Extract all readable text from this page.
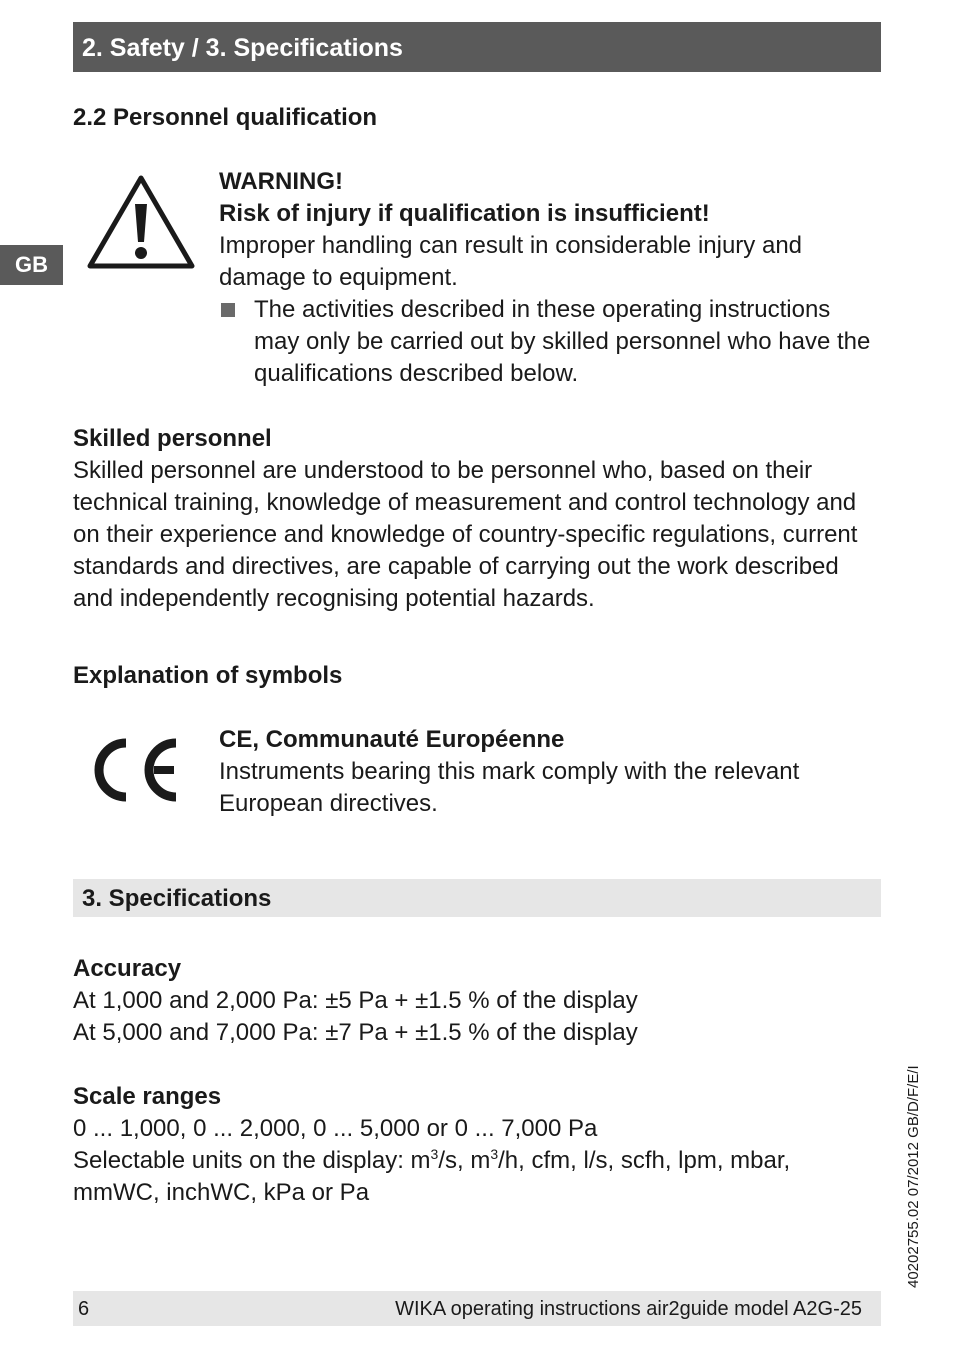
2. Safety / 3. Specifications
GB
2.2 Personnel qualification

WARNING!

Risk of injury if qualification is insufficient!

Improper handling can result in considerable injury and damage to equipment.

The activities described in these operating instructions may only be carried out by skilled personnel who have the qualifications described below.

Skilled personnel

Skilled personnel are understood to be personnel who, based on their technical training, knowledge of measurement and control technology and on their experience and knowledge of country-specific regulations, current standards and directives, are capable of carrying out the work described and independently recognising potential hazards.

Explanation of symbols

CE, Communauté Européenne

Instruments bearing this mark comply with the relevant European directives.

3. Specifications

Accuracy

At 1,000 and 2,000 Pa: ±5 Pa + ±1.5 % of the display

At 5,000 and 7,000 Pa: ±7 Pa + ±1.5 % of the display

Scale ranges

0 ... 1,000, 0 ... 2,000, 0 ... 5,000 or 0 ... 7,000 Pa

Selectable units on the display: $m^3/s$, $m^3/h$, cfm, l/s, scfh, lpm, mbar,

mmWC, inchWC, kPa or Pa	40202755.02 07/2012 GB/D/F/E/I
6	WIKA operating instructions air2guide model A2G-25
